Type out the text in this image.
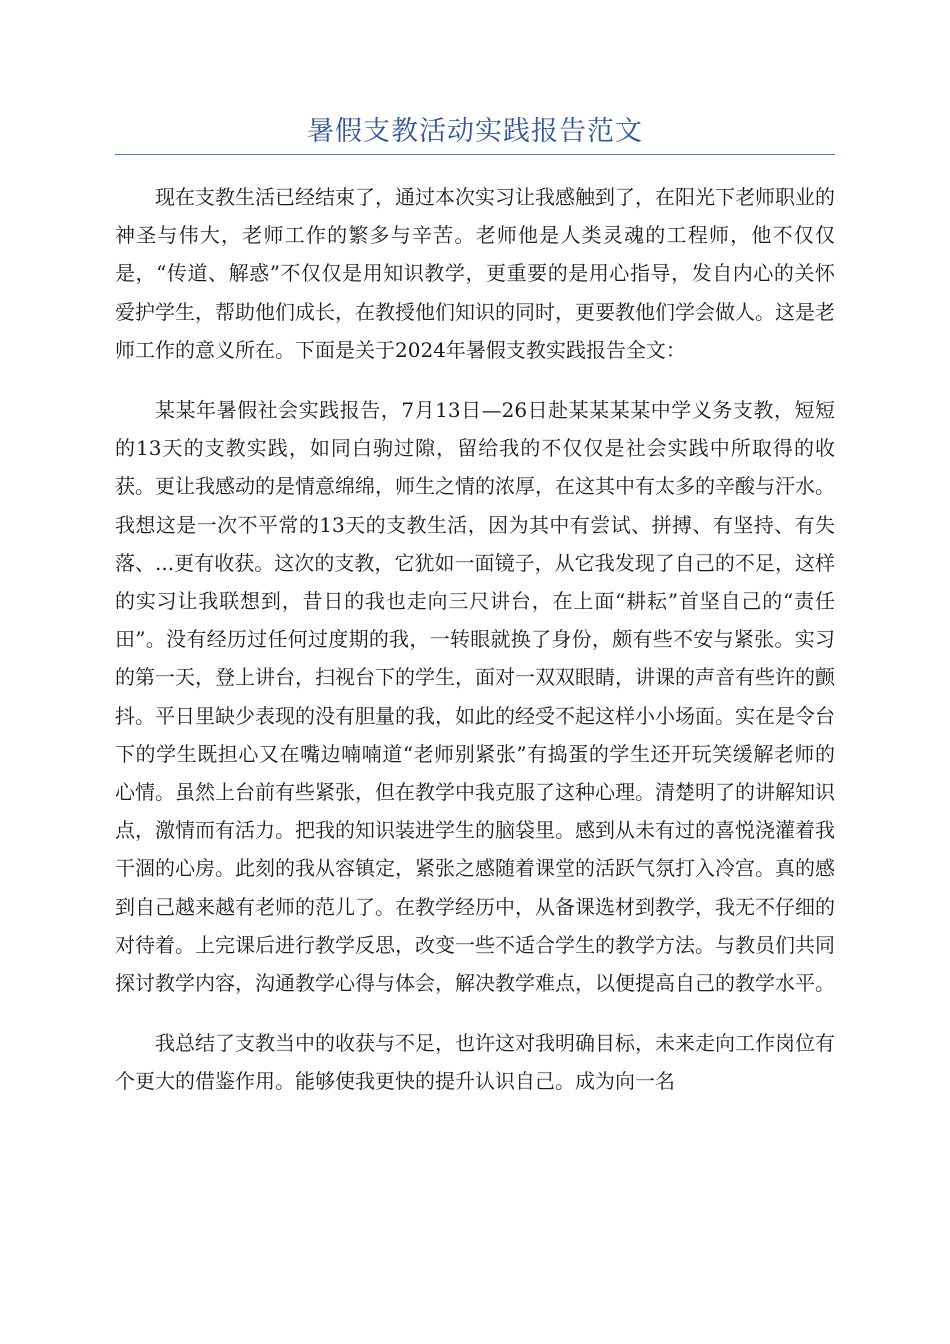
暑假支教活动实践报告范文

现在支教生活已经结束了，通过本次实习让我感触到了，在阳光下老师职业的神圣与伟大，老师工作的繁多与辛苦。老师他是人类灵魂的工程师，他不仅仅是，“传道、解惑”不仅仅是用知识教学，更重要的是用心指导，发自内心的关怀爱护学生，帮助他们成长，在教授他们知识的同时，更要教他们学会做人。这是老师工作的意义所在。下面是关于2024年暑假支教实践报告全文：

某某年暑假社会实践报告，7月13日—26日赴某某某某中学义务支教，短短的13天的支教实践，如同白驹过隙，留给我的不仅仅是社会实践中所取得的收获。更让我感动的是情意绵绵，师生之情的浓厚，在这其中有太多的辛酸与汗水。我想这是一次不平常的13天的支教生活，因为其中有尝试、拼搏、有坚持、有失落、...更有收获。这次的支教，它犹如一面镜子，从它我发现了自己的不足，这样的实习让我联想到，昔日的我也走向三尺讲台，在上面“耕耘”首坚自己的“责任田”。没有经历过任何过度期的我，一转眼就换了身份，颇有些不安与紧张。实习的第一天，登上讲台，扫视台下的学生，面对一双双眼睛，讲课的声音有些许的颤抖。平日里缺少表现的没有胆量的我，如此的经受不起这样小小场面。实在是令台下的学生既担心又在嘴边喃喃道“老师别紧张”有捣蛋的学生还开玩笑缓解老师的心情。虽然上台前有些紧张，但在教学中我克服了这种心理。清楚明了的讲解知识点，激情而有活力。把我的知识装进学生的脑袋里。感到从未有过的喜悦浇灌着我干涸的心房。此刻的我从容镇定，紧张之感随着课堂的活跃气氛打入冷宫。真的感到自己越来越有老师的范儿了。在教学经历中，从备课选材到教学，我无不仔细的对待着。上完课后进行教学反思，改变一些不适合学生的教学方法。与教员们共同探讨教学内容，沟通教学心得与体会，解决教学难点，以便提高自己的教学水平。

我总结了支教当中的收获与不足，也许这对我明确目标，未来走向工作岗位有个更大的借鉴作用。能够使我更快的提升认识自己。成为向一名
